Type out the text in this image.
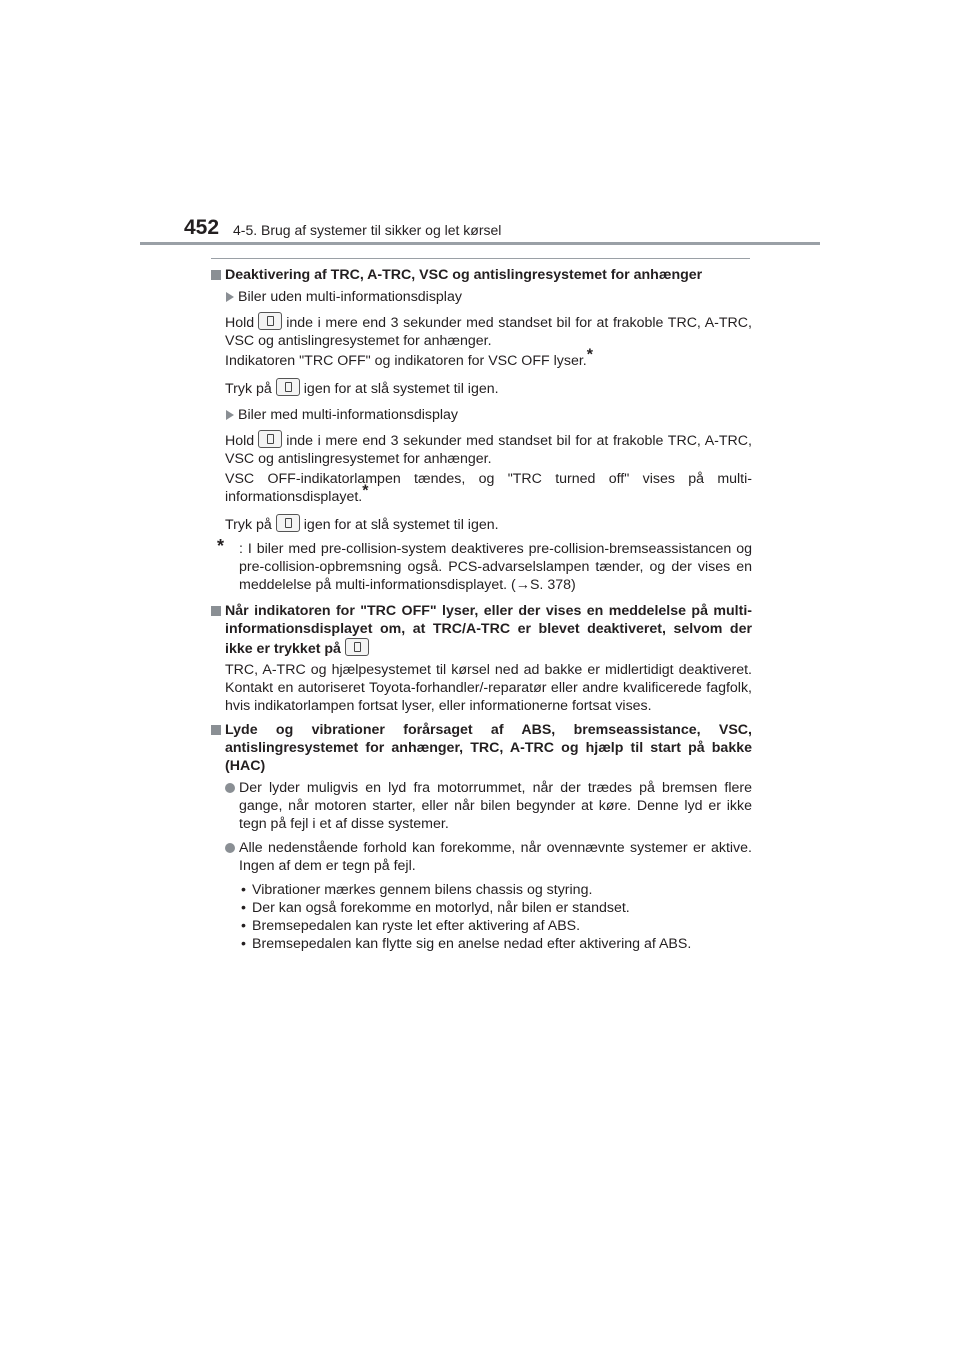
452 4-5. Brug af systemer til sikker og let kørsel
Deaktivering af TRC, A-TRC, VSC og antislingresystemet for anhænger
Biler uden multi-informationsdisplay
Hold inde i mere end 3 sekunder med standset bil for at frakoble TRC, A-TRC, VSC og antislingresystemet for anhænger.
Indikatoren "TRC OFF" og indikatoren for VSC OFF lyser.*
Tryk på igen for at slå systemet til igen.
Biler med multi-informationsdisplay
Hold inde i mere end 3 sekunder med standset bil for at frakoble TRC, A-TRC, VSC og antislingresystemet for anhænger.
VSC OFF-indikatorlampen tændes, og "TRC turned off" vises på multi-informationsdisplayet.*
Tryk på igen for at slå systemet til igen.
* : I biler med pre-collision-system deaktiveres pre-collision-bremseassistancen og pre-collision-opbremsning også. PCS-advarselslampen tænder, og der vises en meddelelse på multi-informationsdisplayet. (→S. 378)
Når indikatoren for "TRC OFF" lyser, eller der vises en meddelelse på multi-informationsdisplayet om, at TRC/A-TRC er blevet deaktiveret, selvom der ikke er trykket på
TRC, A-TRC og hjælpesystemet til kørsel ned ad bakke er midlertidigt deaktiveret. Kontakt en autoriseret Toyota-forhandler/-reparatør eller andre kvalificerede fagfolk, hvis indikatorlampen fortsat lyser, eller informationerne fortsat vises.
Lyde og vibrationer forårsaget af ABS, bremseassistance, VSC, antislingresystemet for anhænger, TRC, A-TRC og hjælp til start på bakke (HAC)
Der lyder muligvis en lyd fra motorrummet, når der trædes på bremsen flere gange, når motoren starter, eller når bilen begynder at køre. Denne lyd er ikke tegn på fejl i et af disse systemer.
Alle nedenstående forhold kan forekomme, når ovennævnte systemer er aktive. Ingen af dem er tegn på fejl.
• Vibrationer mærkes gennem bilens chassis og styring.
• Der kan også forekomme en motorlyd, når bilen er standset.
• Bremsepedalen kan ryste let efter aktivering af ABS.
• Bremsepedalen kan flytte sig en anelse nedad efter aktivering af ABS.
